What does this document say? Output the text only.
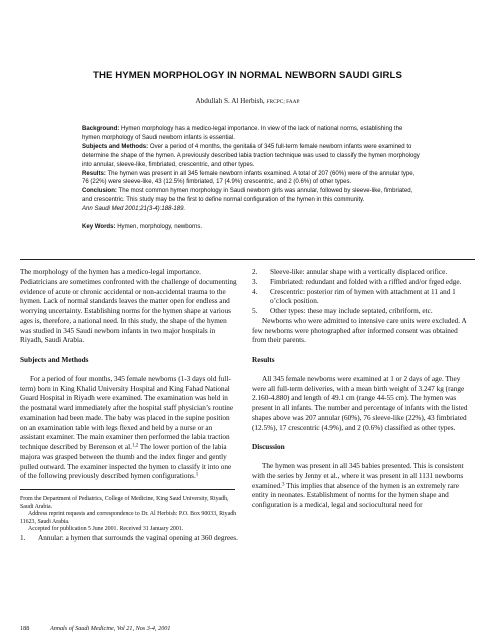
THE HYMEN MORPHOLOGY IN NORMAL NEWBORN SAUDI GIRLS
Abdullah S. Al Herbish, FRCPC; FAAP

Background: Hymen morphology has a medico-legal importance. In view of the lack of national norms, establishing the hymen morphology of Saudi newborn infants is essential.

Subjects and Methods: Over a period of 4 months, the genitalia of 345 full-term female newborn infants were examined to determine the shape of the hymen. A previously described labia traction technique was used to classify the hymen morphology into annular, sleeve-like, fimbriated, crescentric, and other types.

Results: The hymen was present in all 345 female newborn infants examined. A total of 207 (60%) were of the annular type, 76 (22%) were sleeve-like, 43 (12.5%) fimbriated, 17 (4.9%) crescentric, and 2 (0.6%) of other types.

Conclusion: The most common hymen morphology in Saudi newborn girls was annular, followed by sleeve-like, fimbriated, and crescentric. This study may be the first to define normal configuration of the hymen in this community.

Ann Saudi Med 2001;21(3-4):188-189.

Key Words: Hymen, morphology, newborns.

The morphology of the hymen has a medico-legal importance. Pediatricians are sometimes confronted with the challenge of documenting evidence of acute or chronic accidental or non-accidental trauma to the hymen. Lack of normal standards leaves the matter open for endless and worrying uncertainty. Establishing norms for the hymen shape at various ages is, therefore, a national need. In this study, the shape of the hymen was studied in 345 Saudi newborn infants in two major hospitals in Riyadh, Saudi Arabia.

Subjects and Methods

For a period of four months, 345 female newborns (1-3 days old full-term) born in King Khalid University Hospital and King Fahad National Guard Hospital in Riyadh were examined. The examination was held in the postnatal ward immediately after the hospital staff physician’s routine examination had been made. The baby was placed in the supine position on an examination table with legs flexed and held by a nurse or an assistant examiner. The main examiner then performed the labia traction technique described by Berenson et al.$^{1,2}$ The lower portion of the labia majora was grasped between the thumb and the index finger and gently pulled outward. The examiner inspected the hymen to classify it into one of the following previously described hymen configurations.$^1$

From the Department of Pediatrics, College of Medicine, King Saud University, Riyadh, Saudi Arabia.

Address reprint requests and correspondence to Dr. Al Herbish: P.O. Box 90033, Riyadh 11623, Saudi Arabia.

Accepted for publication 5 June 2001. Received 31 January 2001.

1.	Annular: a hymen that surrounds the vaginal opening at 360 degrees.
2.	Sleeve-like: annular shape with a vertically displaced orifice.
3.	Fimbriated: redundant and folded with a riffled and/or frged edge.
4.	Crescentric: posterior rim of hymen with attachment at 11 and 1 o’clock position.
5.	Other types: these may include septated, cribriform, etc.

Newborns who were admitted to intensive care units were excluded. A few newborns were photographed after informed consent was obtained from their parents.

Results

All 345 female newborns were examined at 1 or 2 days of age. They were all full-term deliveries, with a mean birth weight of 3.247 kg (range 2.160-4.880) and length of 49.1 cm (range 44-55 cm). The hymen was present in all infants. The number and percentage of infants with the listed shapes above was 207 annular (60%), 76 sleeve-like (22%), 43 fimbriated (12.5%), 17 crescentric (4.9%), and 2 (0.6%) classified as other types.

Discussion

The hymen was present in all 345 babies presented. This is consistent with the series by Jenny et al., where it was present in all 1131 newborns examined.$^3$ This implies that absence of the hymen is an extremely rare entity in neonates. Establishment of norms for the hymen shape and configuration is a medical, legal and sociocultural need for

188	Annals of Saudi Medicine, Vol 21, Nos 3-4, 2001
